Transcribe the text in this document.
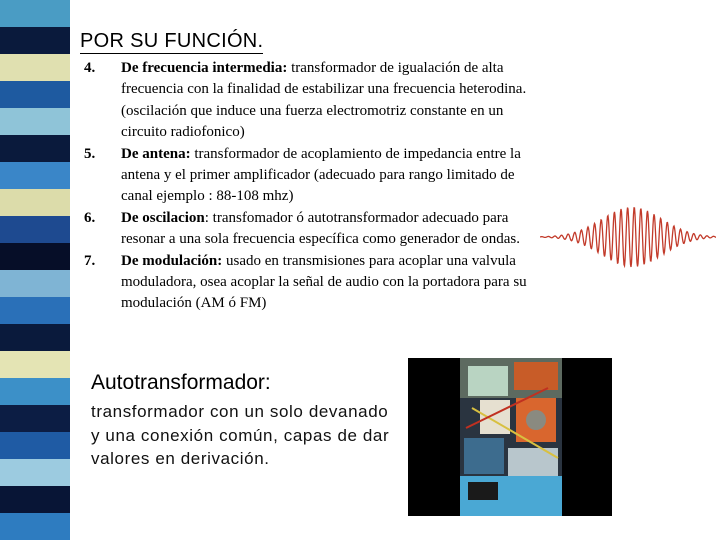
POR SU FUNCIÓN.
4.	De frecuencia intermedia: transformador de igualación de alta frecuencia con la finalidad de estabilizar una frecuencia heterodina.(oscilación que induce una fuerza electromotriz constante en un circuito radiofonico)
5.	De antena: transformador de acoplamiento de impedancia entre la antena y el primer amplificador (adecuado para rango limitado de canal ejemplo : 88-108 mhz)
6.	De oscilacion: transfomador ó autotransformador adecuado para resonar a una sola frecuencia específica como generador de ondas.
7.	De modulación: usado en transmisiones para acoplar una valvula moduladora, osea acoplar la señal de audio con la portadora para su modulación (AM ó FM)
Autotransformador:
transformador con un solo devanado y una conexión común, capas de dar valores en derivación.
